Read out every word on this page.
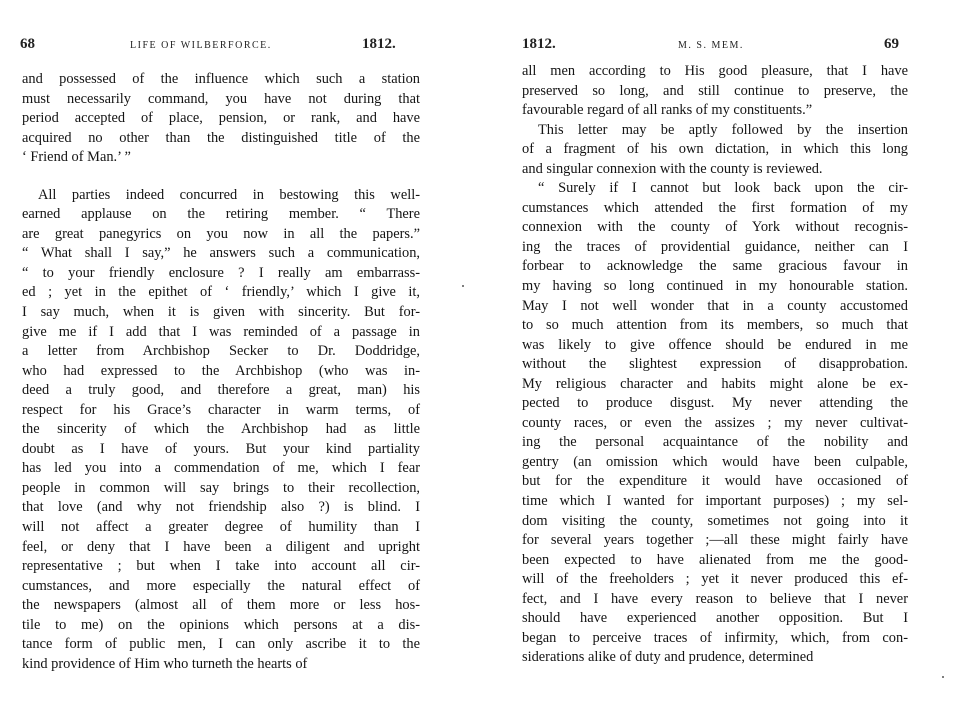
68	LIFE OF WILBERFORCE.	1812.
and possessed of the influence which such a station
must necessarily command, you have not during that
period accepted of place, pension, or rank, and have
acquired no other than the distinguished title of the
‘ Friend of Man.’ ”
All parties indeed concurred in bestowing this well-
earned applause on the retiring member. “ There
are great panegyrics on you now in all the papers.”
“ What shall I say,” he answers such a communication,
“ to your friendly enclosure ? I really am embarrass-
ed ; yet in the epithet of ‘ friendly,’ which I give it,
I say much, when it is given with sincerity. But for-
give me if I add that I was reminded of a passage in
a letter from Archbishop Secker to Dr. Doddridge,
who had expressed to the Archbishop (who was in-
deed a truly good, and therefore a great, man) his
respect for his Grace’s character in warm terms, of
the sincerity of which the Archbishop had as little
doubt as I have of yours. But your kind partiality
has led you into a commendation of me, which I fear
people in common will say brings to their recollection,
that love (and why not friendship also ?) is blind. I
will not affect a greater degree of humility than I
feel, or deny that I have been a diligent and upright
representative ; but when I take into account all cir-
cumstances, and more especially the natural effect of
the newspapers (almost all of them more or less hos-
tile to me) on the opinions which persons at a dis-
tance form of public men, I can only ascribe it to the
kind providence of Him who turneth the hearts of
1812.	M. S. MEM.	69
all men according to His good pleasure, that I have
preserved so long, and still continue to preserve, the
favourable regard of all ranks of my constituents.”
This letter may be aptly followed by the insertion
of a fragment of his own dictation, in which this long
and singular connexion with the county is reviewed.
“ Surely if I cannot but look back upon the cir-
cumstances which attended the first formation of my
connexion with the county of York without recognis-
ing the traces of providential guidance, neither can I
forbear to acknowledge the same gracious favour in
my having so long continued in my honourable station.
May I not well wonder that in a county accustomed
to so much attention from its members, so much that
was likely to give offence should be endured in me
without the slightest expression of disapprobation.
My religious character and habits might alone be ex-
pected to produce disgust. My never attending the
county races, or even the assizes ; my never cultivat-
ing the personal acquaintance of the nobility and
gentry (an omission which would have been culpable,
but for the expenditure it would have occasioned of
time which I wanted for important purposes) ; my sel-
dom visiting the county, sometimes not going into it
for several years together ;—all these might fairly have
been expected to have alienated from me the good-
will of the freeholders ; yet it never produced this ef-
fect, and I have every reason to believe that I never
should have experienced another opposition. But I
began to perceive traces of infirmity, which, from con-
siderations alike of duty and prudence, determined
